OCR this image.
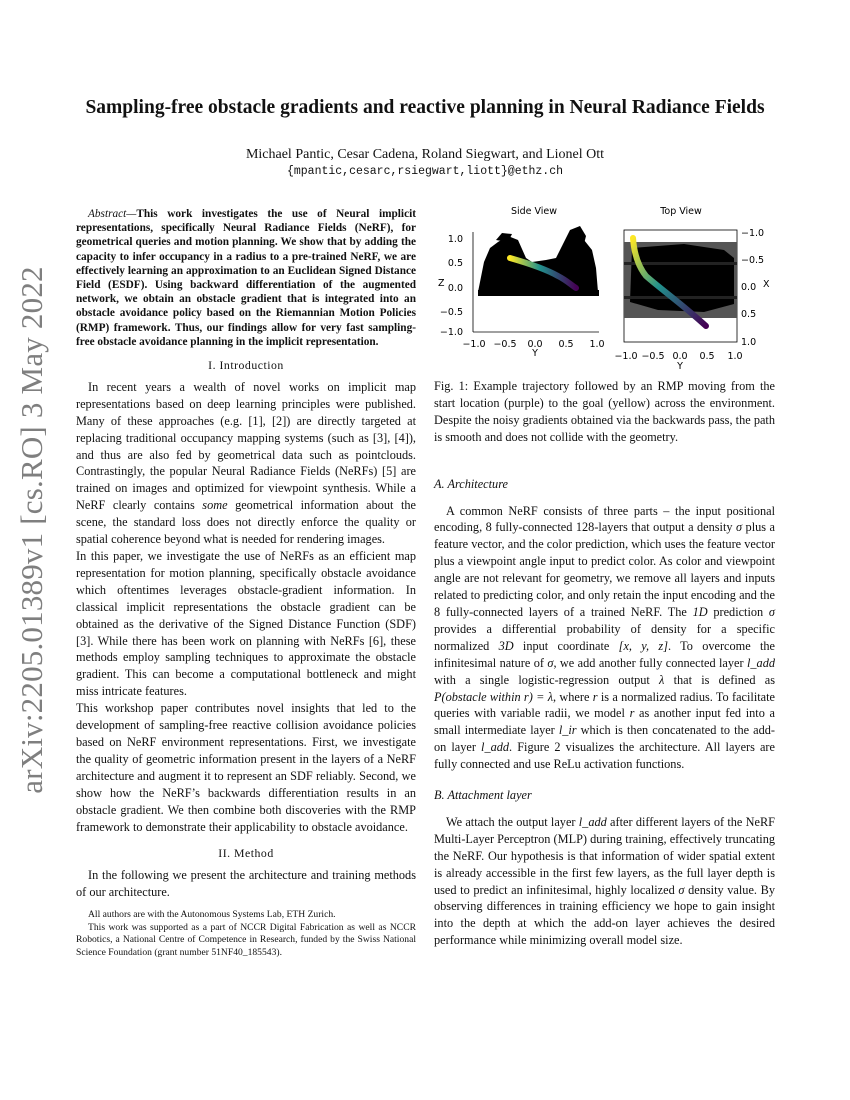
arXiv:2205.01389v1 [cs.RO] 3 May 2022
Sampling-free obstacle gradients and reactive planning in Neural Radiance Fields
Michael Pantic, Cesar Cadena, Roland Siegwart, and Lionel Ott
{mpantic,cesarc,rsiegwart,liott}@ethz.ch

Abstract—This work investigates the use of Neural implicit representations, specifically Neural Radiance Fields (NeRF), for geometrical queries and motion planning. We show that by adding the capacity to infer occupancy in a radius to a pre-trained NeRF, we are effectively learning an approximation to an Euclidean Signed Distance Field (ESDF). Using backward differentiation of the augmented network, we obtain an obstacle gradient that is integrated into an obstacle avoidance policy based on the Riemannian Motion Policies (RMP) framework. Thus, our findings allow for very fast sampling-free obstacle avoidance planning in the implicit representation.

I. Introduction

In recent years a wealth of novel works on implicit map representations based on deep learning principles were published. Many of these approaches (e.g. [1], [2]) are directly targeted at replacing traditional occupancy mapping systems (such as [3], [4]), and thus are also fed by geometrical data such as pointclouds. Contrastingly, the popular Neural Radiance Fields (NeRFs) [5] are trained on images and optimized for viewpoint synthesis. While a NeRF clearly contains some geometrical information about the scene, the standard loss does not directly enforce the quality or spatial coherence beyond what is needed for rendering images.

In this paper, we investigate the use of NeRFs as an efficient map representation for motion planning, specifically obstacle avoidance which oftentimes leverages obstacle-gradient information. In classical implicit representations the obstacle gradient can be obtained as the derivative of the Signed Distance Function (SDF) [3]. While there has been work on planning with NeRFs [6], these methods employ sampling techniques to approximate the obstacle gradient. This can become a computational bottleneck and might miss intricate features.

This workshop paper contributes novel insights that led to the development of sampling-free reactive collision avoidance policies based on NeRF environment representations. First, we investigate the quality of geometric information present in the layers of a NeRF architecture and augment it to represent an SDF reliably. Second, we show how the NeRF’s backwards differentiation results in an obstacle gradient. We then combine both discoveries with the RMP framework to demonstrate their applicability to obstacle avoidance.

II. Method

In the following we present the architecture and training methods of our architecture.

All authors are with the Autonomous Systems Lab, ETH Zurich.

This work was supported as a part of NCCR Digital Fabrication as well as NCCR Robotics, a National Centre of Competence in Research, funded by the Swiss National Science Foundation (grant number 51NF40_185543).

Side View
1.0
0.5
0.0
−0.5
−1.0
Z
−1.0 −0.5 0.0 0.5 1.0
Y
Top View
−1.0
−0.5
0.0
0.5
1.0
X
−1.0 −0.5 0.0 0.5 1.0
Y

Fig. 1: Example trajectory followed by an RMP moving from the start location (purple) to the goal (yellow) across the environment. Despite the noisy gradients obtained via the backwards pass, the path is smooth and does not collide with the geometry.

A. Architecture

A common NeRF consists of three parts – the input positional encoding, 8 fully-connected 128-layers that output a density σ plus a feature vector, and the color prediction, which uses the feature vector plus a viewpoint angle input to predict color. As color and viewpoint angle are not relevant for geometry, we remove all layers and inputs related to predicting color, and only retain the input encoding and the 8 fully-connected layers of a trained NeRF. The 1D prediction σ provides a differential probability of density for a specific normalized 3D input coordinate [x, y, z]. To overcome the infinitesimal nature of σ, we add another fully connected layer l_add with a single logistic-regression output λ that is defined as P(obstacle within r) = λ, where r is a normalized radius. To facilitate queries with variable radii, we model r as another input fed into a small intermediate layer l_ir which is then concatenated to the add-on layer l_add. Figure 2 visualizes the architecture. All layers are fully connected and use ReLu activation functions.

B. Attachment layer

We attach the output layer l_add after different layers of the NeRF Multi-Layer Perceptron (MLP) during training, effectively truncating the NeRF. Our hypothesis is that information of wider spatial extent is already accessible in the first few layers, as the full layer depth is used to predict an infinitesimal, highly localized σ density value. By observing differences in training efficiency we hope to gain insight into the depth at which the add-on layer achieves the desired performance while minimizing overall model size.
